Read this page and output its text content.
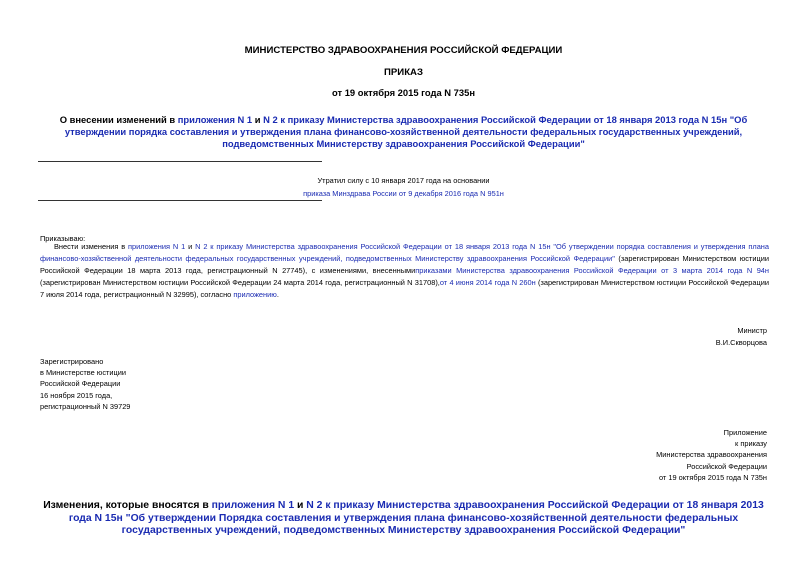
МИНИСТЕРСТВО ЗДРАВООХРАНЕНИЯ РОССИЙСКОЙ ФЕДЕРАЦИИ
ПРИКАЗ
от 19 октября 2015 года N 735н
О внесении изменений в приложения N 1 и N 2 к приказу Министерства здравоохранения Российской Федерации от 18 января 2013 года N 15н "Об утверждении порядка составления и утверждения плана финансово-хозяйственной деятельности федеральных государственных учреждений, подведомственных Министерству здравоохранения Российской Федерации"

Утратил силу с 10 января 2017 года на основании

приказа Минздрава России от 9 декабря 2016 года N 951н

Приказываю:
Внести изменения в приложения N 1 и N 2 к приказу Министерства здравоохранения Российской Федерации от 18 января 2013 года N 15н "Об утверждении порядка составления и утверждения плана финансово-хозяйственной деятельности федеральных государственных учреждений, подведомственных Министерству здравоохранения Российской Федерации" (зарегистрирован Министерством юстиции Российской Федерации 18 марта 2013 года, регистрационный N 27745), с изменениями, внесеннымиприказами Министерства здравоохранения Российской Федерации от 3 марта 2014 года N 94н (зарегистрирован Министерством юстиции Российской Федерации 24 марта 2014 года, регистрационный N 31708),от 4 июня 2014 года N 260н (зарегистрирован Министерством юстиции Российской Федерации 7 июля 2014 года, регистрационный N 32995), согласно приложению.

Министр

В.И.Скворцова

Зарегистрировано

в Министерстве юстиции

Российской Федерации

16 ноября 2015 года,

регистрационный N 39729

Приложение

к приказу

Министерства здравоохранения

Российской Федерации

от 19 октября 2015 года N 735н

Изменения, которые вносятся в приложения N 1 и N 2 к приказу Министерства здравоохранения Российской Федерации от 18 января 2013 года N 15н "Об утверждении Порядка составления и утверждения плана финансово-хозяйственной деятельности федеральных государственных учреждений, подведомственных Министерству здравоохранения Российской Федерации"
